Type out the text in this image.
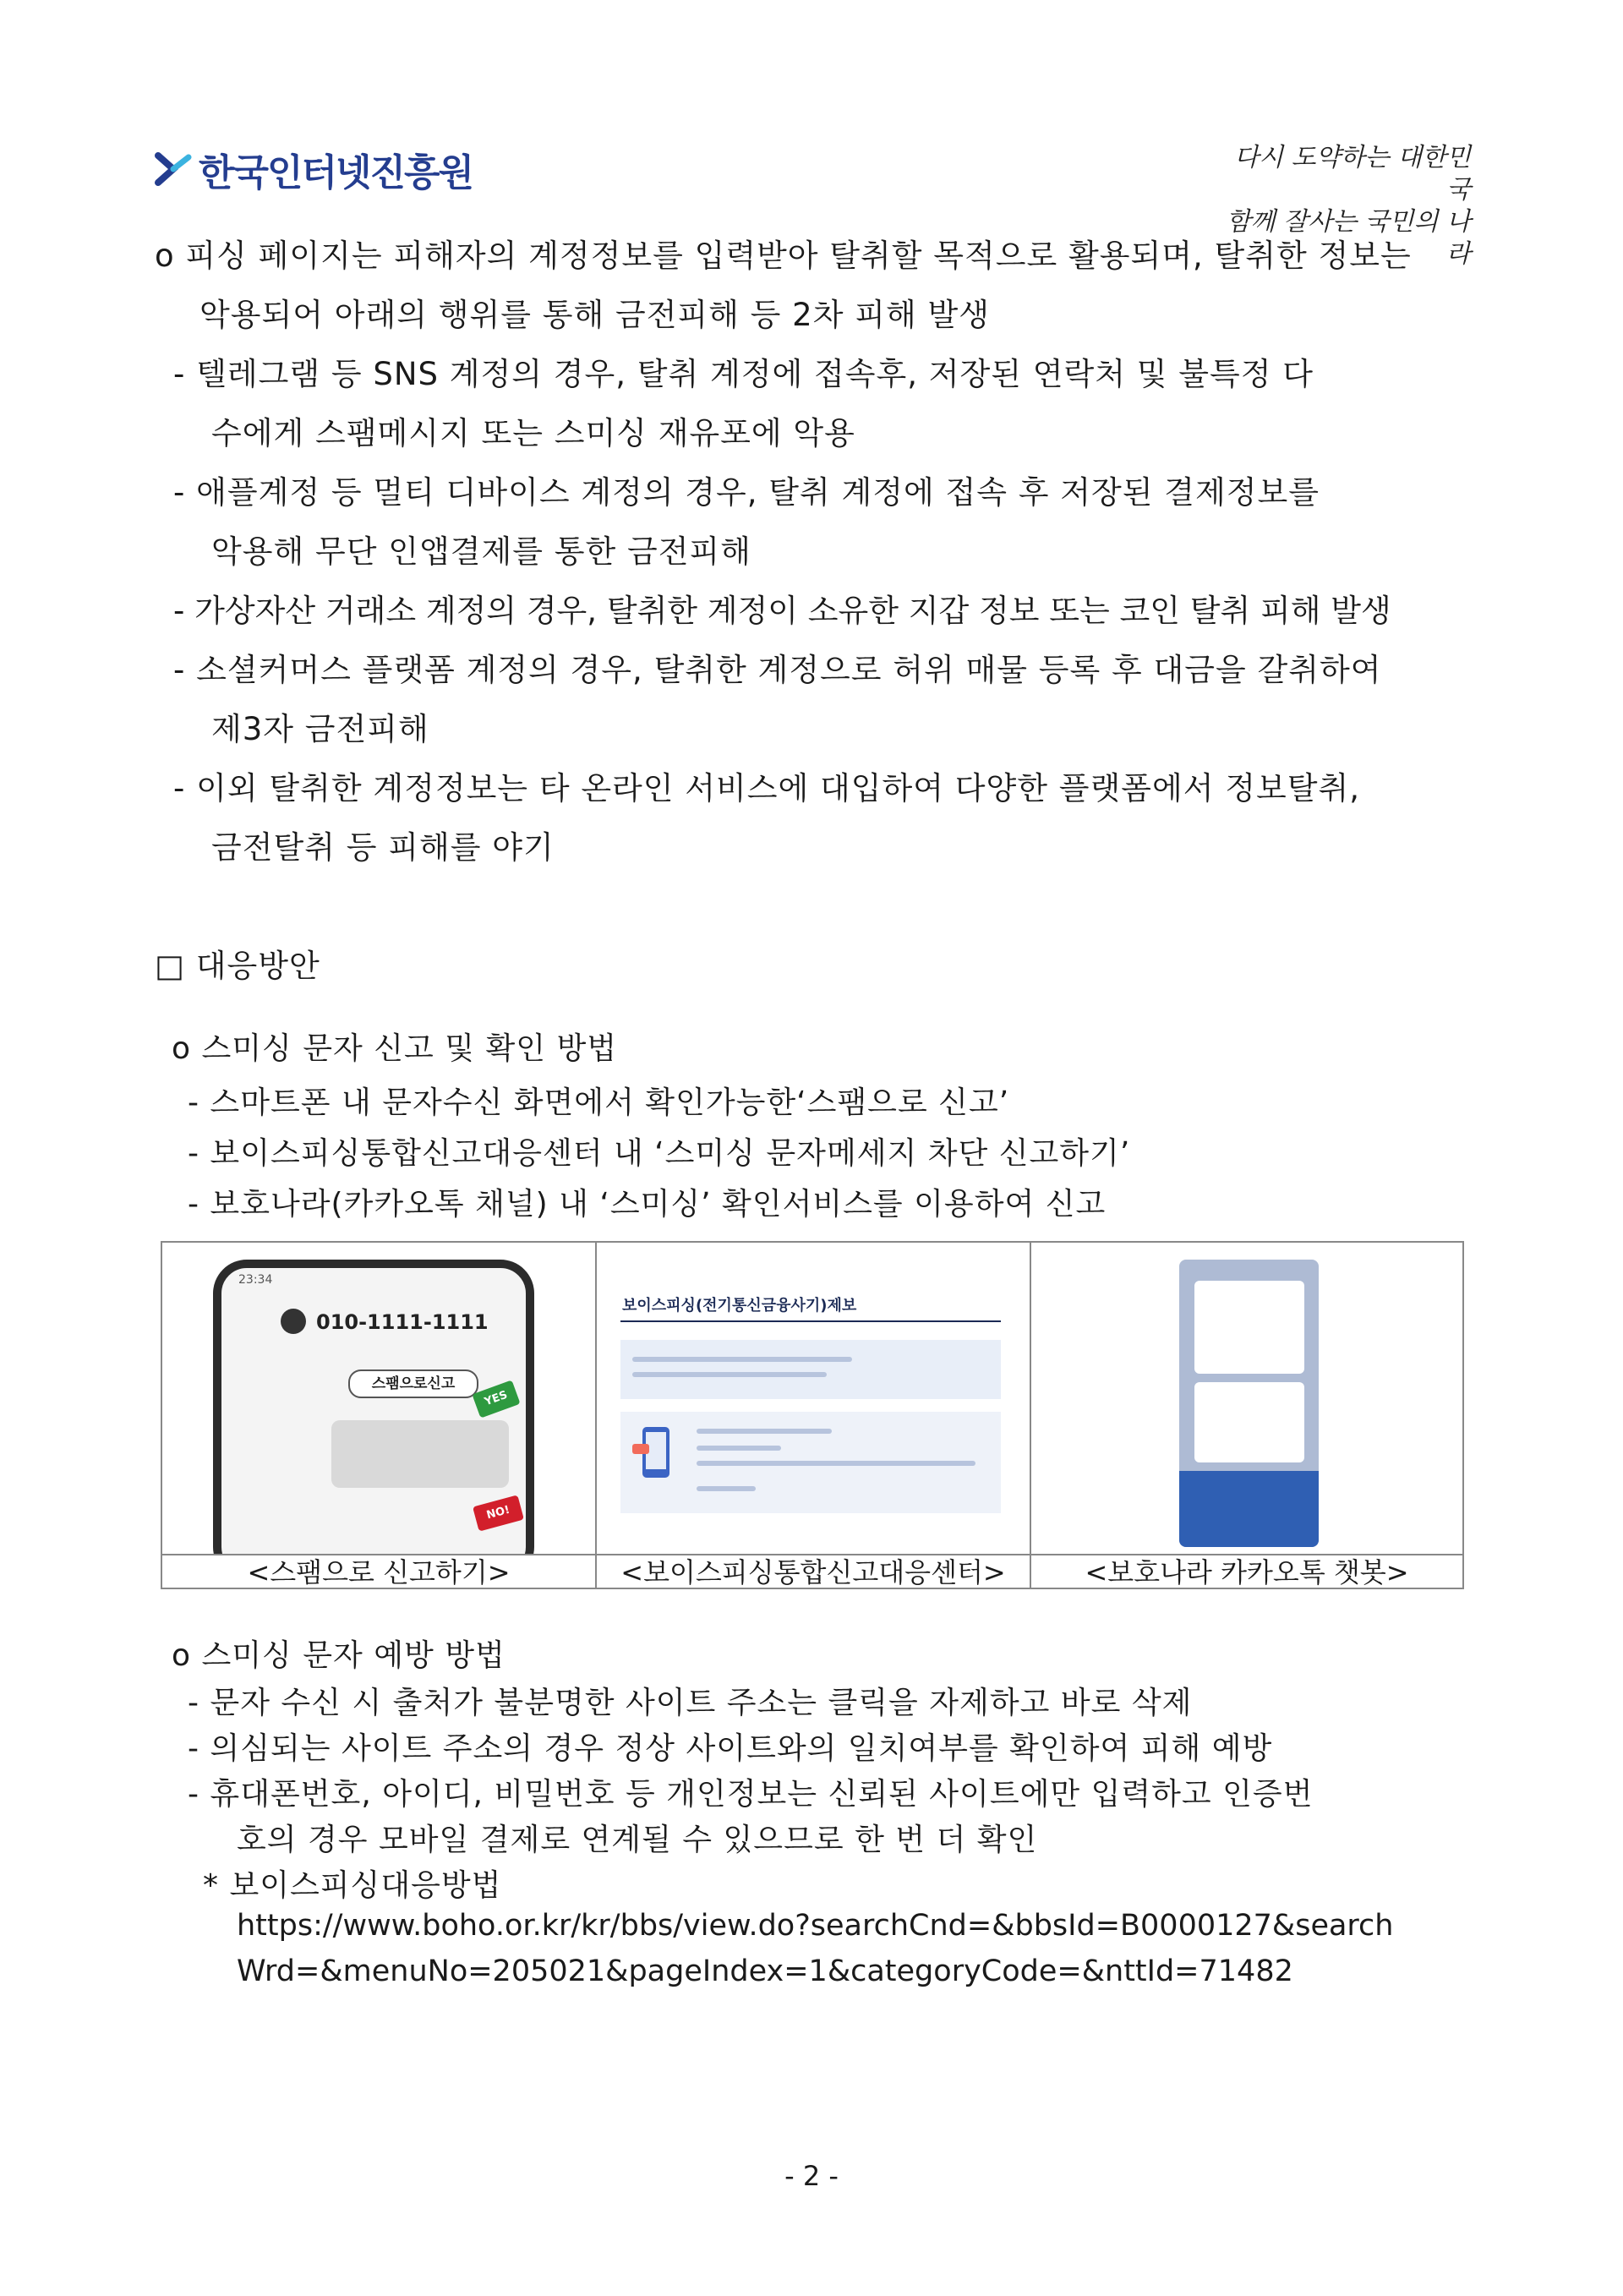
한국인터넷진흥원	다시 도약하는 대한민국
함께 잘사는 국민의 나라
o 피싱 페이지는 피해자의 계정정보를 입력받아 탈취할 목적으로 활용되며, 탈취한 정보는
악용되어 아래의 행위를 통해 금전피해 등 2차 피해 발생
- 텔레그램 등 SNS 계정의 경우, 탈취 계정에 접속후, 저장된 연락처 및 불특정 다
수에게 스팸메시지 또는 스미싱 재유포에 악용
- 애플계정 등 멀티 디바이스 계정의 경우, 탈취 계정에 접속 후 저장된 결제정보를
악용해 무단 인앱결제를 통한 금전피해
- 가상자산 거래소 계정의 경우, 탈취한 계정이 소유한 지갑 정보 또는 코인 탈취 피해 발생
- 소셜커머스 플랫폼 계정의 경우, 탈취한 계정으로 허위 매물 등록 후 대금을 갈취하여
제3자 금전피해
- 이외 탈취한 계정정보는 타 온라인 서비스에 대입하여 다양한 플랫폼에서 정보탈취,
금전탈취 등 피해를 야기
□ 대응방안
o 스미싱 문자 신고 및 확인 방법
- 스마트폰 내 문자수신 화면에서 확인가능한‘스팸으로 신고’
- 보이스피싱통합신고대응센터 내 ‘스미싱 문자메세지 차단 신고하기’
- 보호나라(카카오톡 채널) 내 ‘스미싱’ 확인서비스를 이용하여 신고
23:34
010-1111-1111
스팸으로신고
YES
NO!
보이스피싱(전기통신금융사기)제보
<스팸으로 신고하기>	<보이스피싱통합신고대응센터>	<보호나라 카카오톡 챗봇>
o 스미싱 문자 예방 방법
- 문자 수신 시 출처가 불분명한 사이트 주소는 클릭을 자제하고 바로 삭제
- 의심되는 사이트 주소의 경우 정상 사이트와의 일치여부를 확인하여 피해 예방
- 휴대폰번호, 아이디, 비밀번호 등 개인정보는 신뢰된 사이트에만 입력하고 인증번
호의 경우 모바일 결제로 연계될 수 있으므로 한 번 더 확인
* 보이스피싱대응방법
https://www.boho.or.kr/kr/bbs/view.do?searchCnd=&bbsId=B0000127&search
Wrd=&menuNo=205021&pageIndex=1&categoryCode=&nttId=71482
- 2 -
